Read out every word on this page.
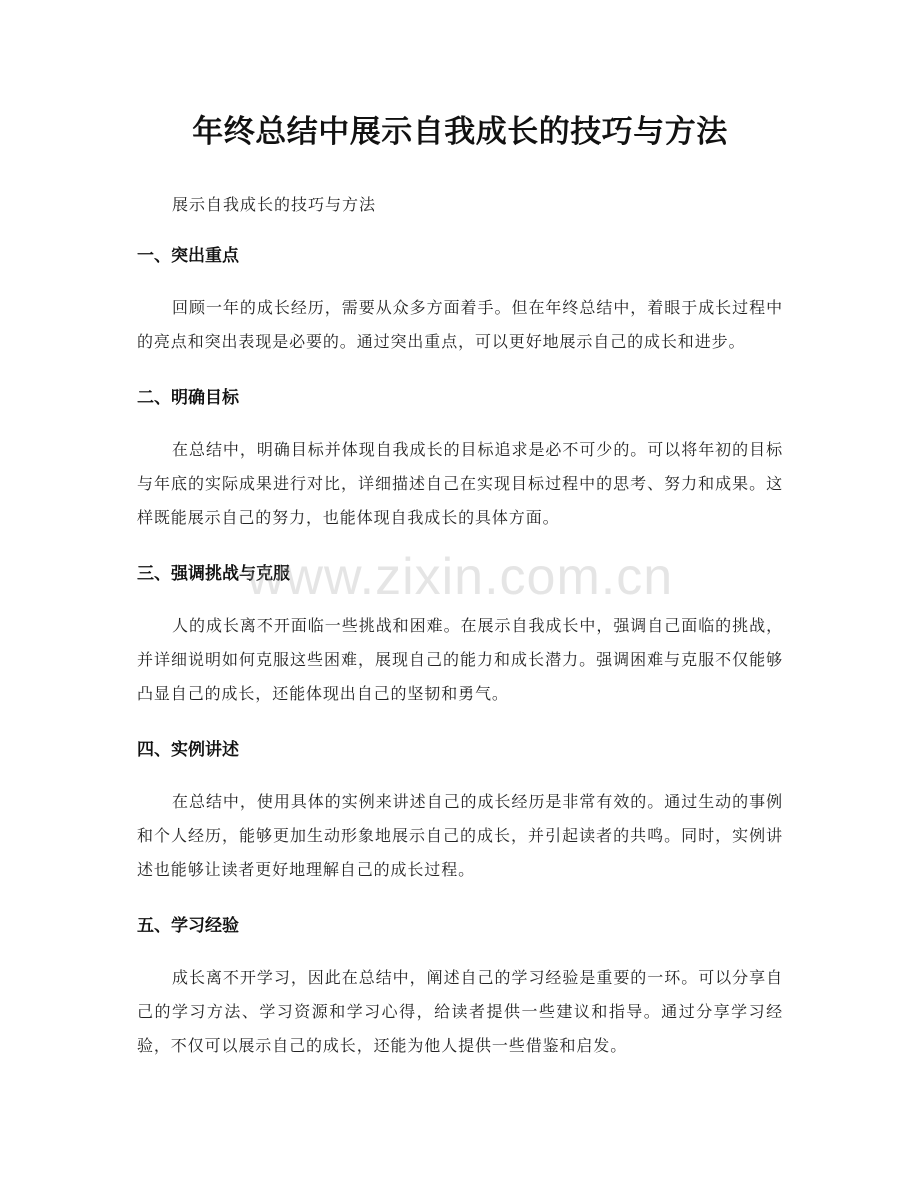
年终总结中展示自我成长的技巧与方法

展示自我成长的技巧与方法

一、突出重点

回顾一年的成长经历，需要从众多方面着手。但在年终总结中，着眼于成长过程中的亮点和突出表现是必要的。通过突出重点，可以更好地展示自己的成长和进步。

二、明确目标

在总结中，明确目标并体现自我成长的目标追求是必不可少的。可以将年初的目标与年底的实际成果进行对比，详细描述自己在实现目标过程中的思考、努力和成果。这样既能展示自己的努力，也能体现自我成长的具体方面。

三、强调挑战与克服

人的成长离不开面临一些挑战和困难。在展示自我成长中，强调自己面临的挑战，并详细说明如何克服这些困难，展现自己的能力和成长潜力。强调困难与克服不仅能够凸显自己的成长，还能体现出自己的坚韧和勇气。

四、实例讲述

在总结中，使用具体的实例来讲述自己的成长经历是非常有效的。通过生动的事例和个人经历，能够更加生动形象地展示自己的成长，并引起读者的共鸣。同时，实例讲述也能够让读者更好地理解自己的成长过程。

五、学习经验

成长离不开学习，因此在总结中，阐述自己的学习经验是重要的一环。可以分享自己的学习方法、学习资源和学习心得，给读者提供一些建议和指导。通过分享学习经验，不仅可以展示自己的成长，还能为他人提供一些借鉴和启发。

www.zixin.com.cn
